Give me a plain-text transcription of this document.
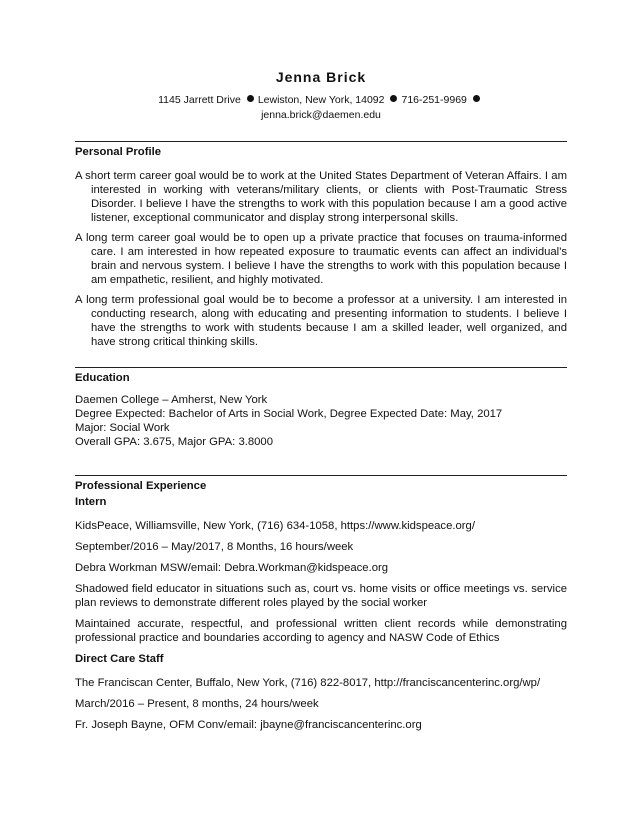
Jenna Brick
1145 Jarrett Drive Lewiston, New York, 14092 716-251-9969
jenna.brick@daemen.edu
Personal Profile

A short term career goal would be to work at the United States Department of Veteran Affairs. I am interested in working with veterans/military clients, or clients with Post-Traumatic Stress Disorder. I believe I have the strengths to work with this population because I am a good active listener, exceptional communicator and display strong interpersonal skills.

A long term career goal would be to open up a private practice that focuses on trauma-informed care. I am interested in how repeated exposure to traumatic events can affect an individual's brain and nervous system. I believe I have the strengths to work with this population because I am empathetic, resilient, and highly motivated.

A long term professional goal would be to become a professor at a university. I am interested in conducting research, along with educating and presenting information to students. I believe I have the strengths to work with students because I am a skilled leader, well organized, and have strong critical thinking skills.

Education

Daemen College – Amherst, New York

Degree Expected: Bachelor of Arts in Social Work, Degree Expected Date: May, 2017

Major: Social Work

Overall GPA: 3.675, Major GPA: 3.8000

Professional Experience
Intern

KidsPeace, Williamsville, New York, (716) 634-1058, https://www.kidspeace.org/

September/2016 – May/2017, 8 Months, 16 hours/week

Debra Workman MSW/email: Debra.Workman@kidspeace.org

Shadowed field educator in situations such as, court vs. home visits or office meetings vs. service plan reviews to demonstrate different roles played by the social worker

Maintained accurate, respectful, and professional written client records while demonstrating professional practice and boundaries according to agency and NASW Code of Ethics

Direct Care Staff

The Franciscan Center, Buffalo, New York, (716) 822-8017, http://franciscancenterinc.org/wp/

March/2016 – Present, 8 months, 24 hours/week

Fr. Joseph Bayne, OFM Conv/email: jbayne@franciscancenterinc.org
